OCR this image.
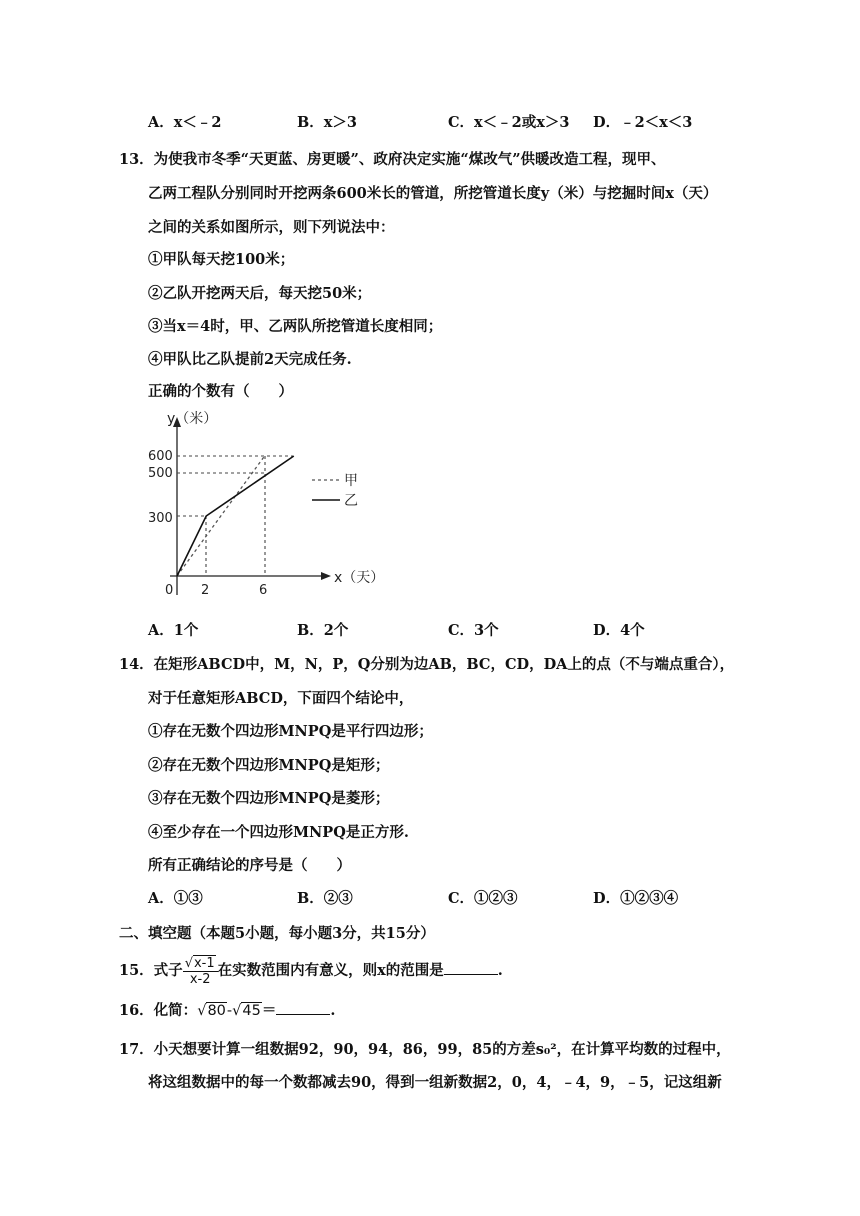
A．x＜﹣2	B．x＞3	C．x＜﹣2或x＞3 D．﹣2＜x＜3
13．为使我市冬季“天更蓝、房更暖”、政府决定实施“煤改气”供暖改造工程，现甲、
乙两工程队分别同时开挖两条600米长的管道，所挖管道长度y（米）与挖掘时间x（天）
之间的关系如图所示，则下列说法中：
①甲队每天挖100米；
②乙队开挖两天后，每天挖50米；
③当x＝4时，甲、乙两队所挖管道长度相同；
④甲队比乙队提前2天完成任务.
正确的个数有（　　）
y（米）
x（天）
0
600
500
300
2	6
甲
乙
A．1个	B．2个	C．3个	D．4个
14．在矩形ABCD中，M，N，P，Q分别为边AB，BC，CD，DA上的点（不与端点重合），
对于任意矩形ABCD，下面四个结论中，
①存在无数个四边形MNPQ是平行四边形；
②存在无数个四边形MNPQ是矩形；
③存在无数个四边形MNPQ是菱形；
④至少存在一个四边形MNPQ是正方形.
所有正确结论的序号是（　　）
A．①③	B．②③	C．①②③	D．①②③④
二、填空题（本题5小题，每小题3分，共15分）
15．式子 $\frac{√x-1}{x-2}$ 在实数范围内有意义，则x的范围是	.
16．化简：√80-√45＝	.
17．小天想要计算一组数据92，90，94，86，99，85的方差s₀²，在计算平均数的过程中，
将这组数据中的每一个数都减去90，得到一组新数据2，0，4，﹣4，9，﹣5，记这组新
